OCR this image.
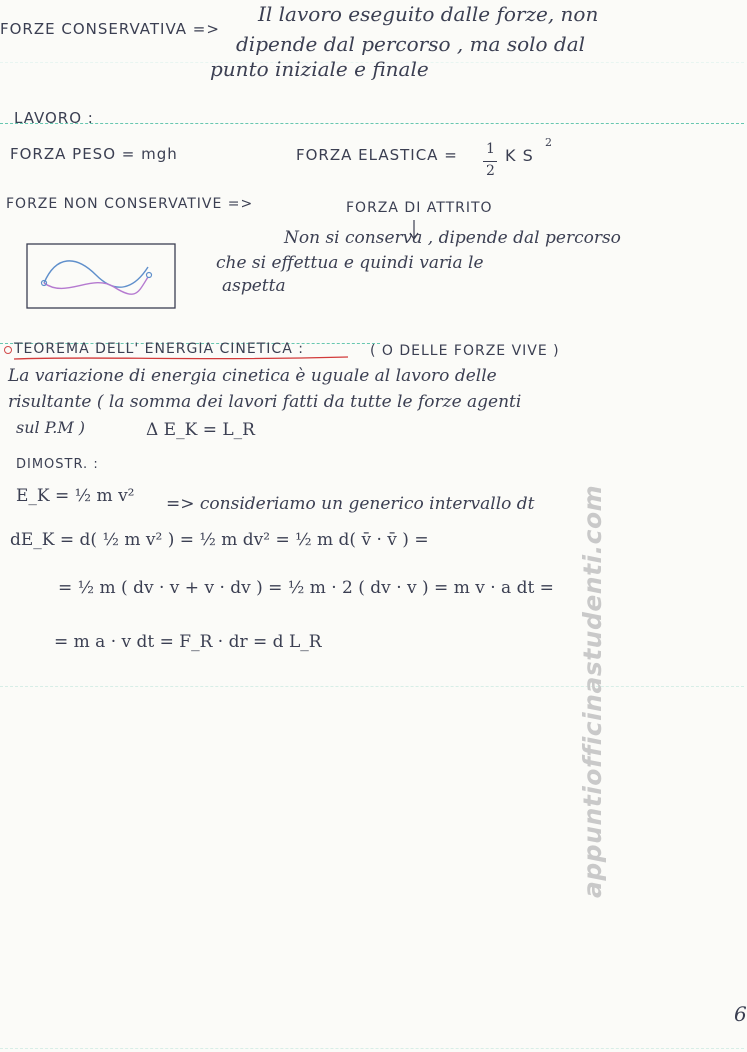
FORZE CONSERVATIVA =>
Il lavoro eseguito dalle forze, non
dipende dal percorso , ma solo dal
punto iniziale e finale
LAVORO :
FORZA PESO = mgh	FORZA ELASTICA = 1
2
K S
2
FORZE NON CONSERVATIVE =>	FORZA DI ATTRITO
Non si conserva , dipende dal percorso
che si effettua e quindi varia le
aspetta
TEOREMA DELL' ENERGIA CINETICA :	( O DELLE FORZE VIVE )
La variazione di energia cinetica è uguale al lavoro delle
risultante ( la somma dei lavori fatti da tutte le forze agenti
sul P.M )	Δ E_K = L_R
DIMOSTR. :
E_K = ½ m v² => consideriamo un generico intervallo dt
dE_K = d( ½ m v² ) = ½ m dv² = ½ m d( v̄ · v̄ ) =
= ½ m ( dv · v + v · dv ) = ½ m · 2 ( dv · v ) = m v · a dt =
= m a · v dt = F_R · dr = d L_R	appuntiofficinastudenti.com
6
